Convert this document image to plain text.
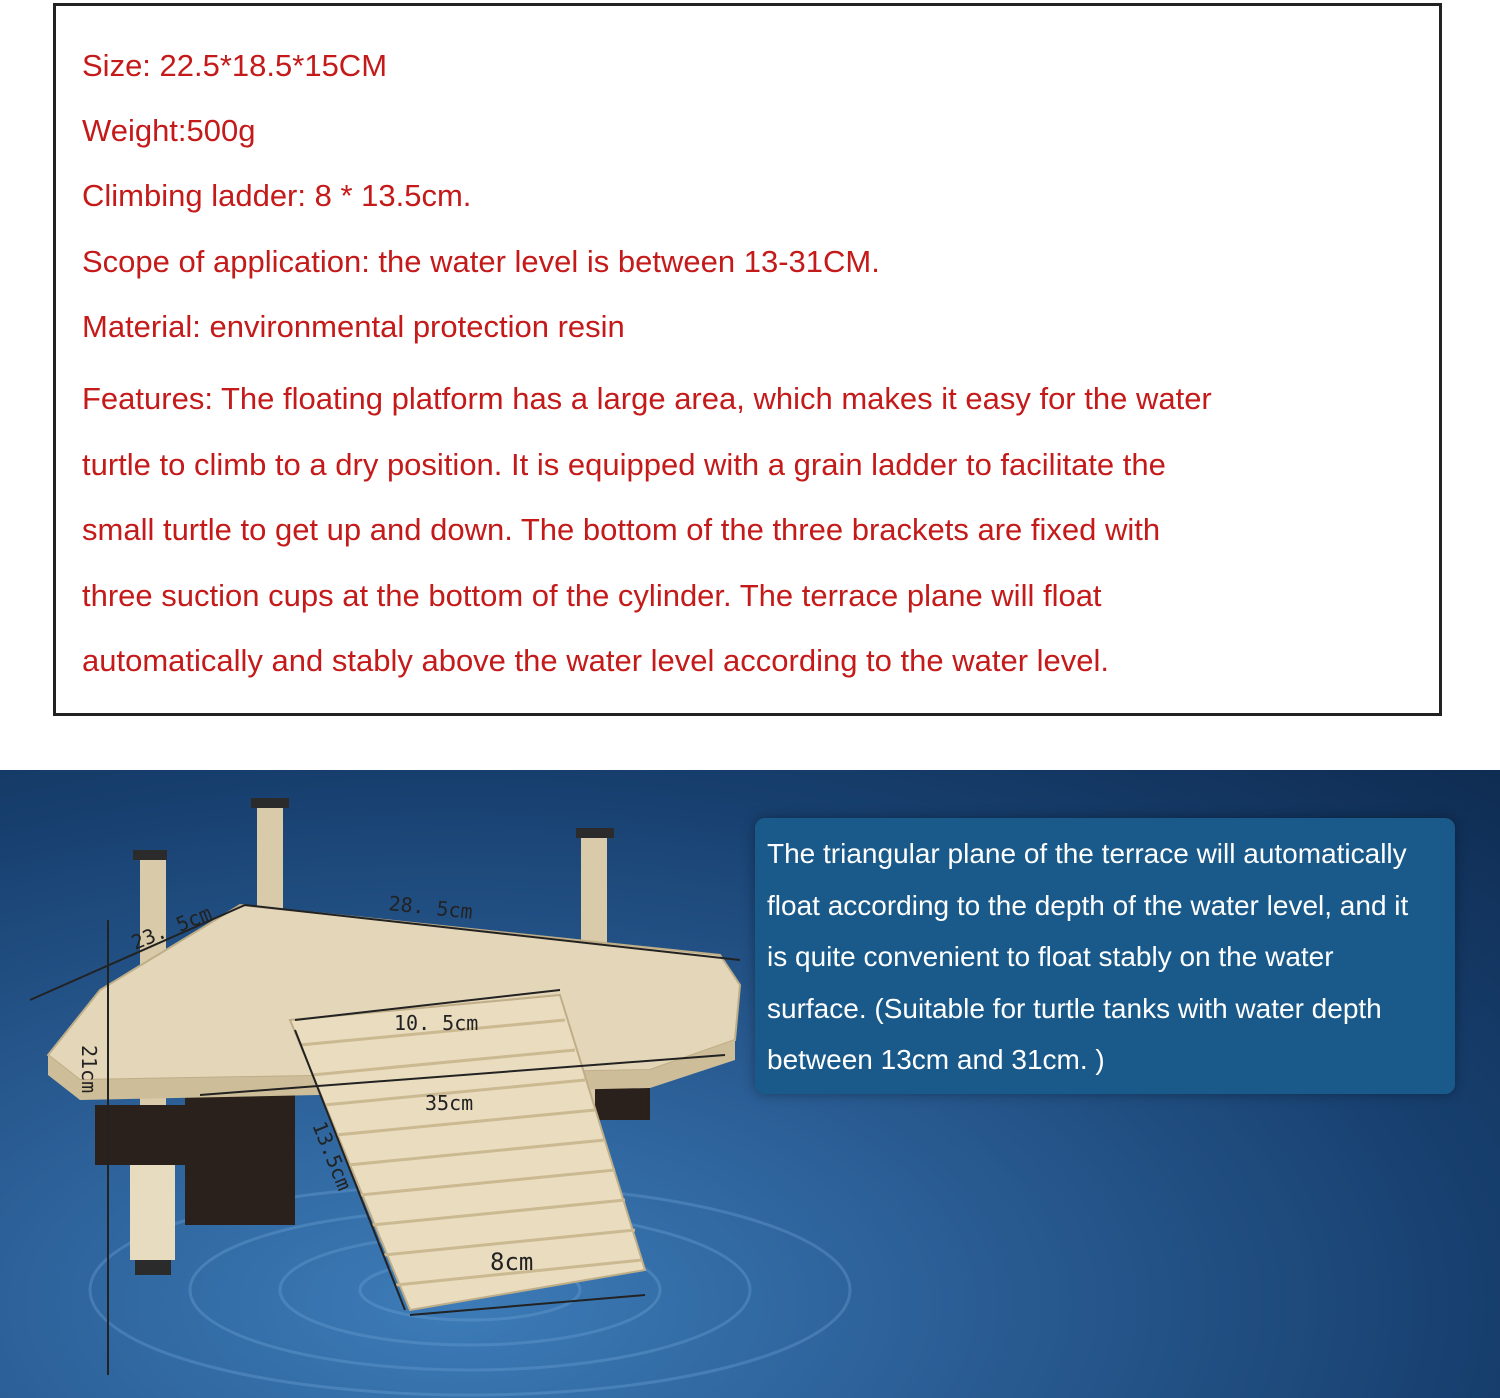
Size: 22.5*18.5*15CM

Weight:500g

Climbing ladder: 8 * 13.5cm.

Scope of application: the water level is between 13-31CM.

Material: environmental protection resin

Features: The floating platform has a large area, which makes it easy for the water
turtle to climb to a dry position. It is equipped with a grain ladder to facilitate the
small turtle to get up and down. The bottom of the three brackets are fixed with
three suction cups at the bottom of the cylinder. The terrace plane will float
automatically and stably above the water level according to the water level.
23. 5cm	28. 5cm
10. 5cm
21cm
35cm
13.5cm
8cm
The triangular plane of the terrace will automatically
float according to the depth of the water level, and it
is quite convenient to float stably on the water
surface. (Suitable for turtle tanks with water depth
between 13cm and 31cm. )
